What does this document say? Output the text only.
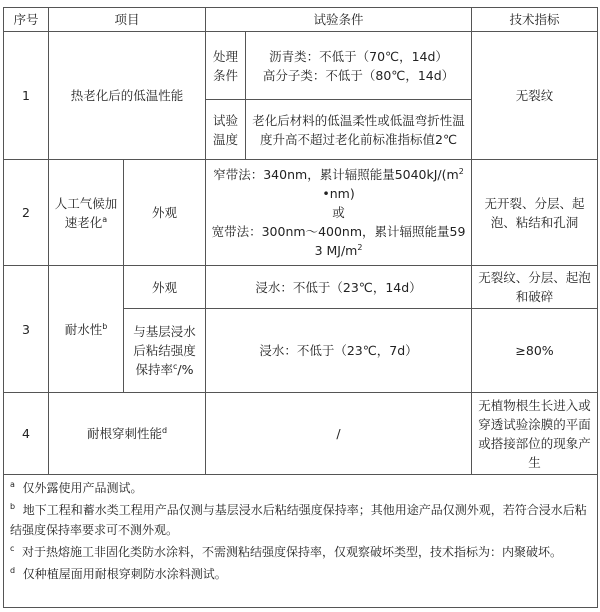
序号	项目		试验条件		技术指标
1	热老化后的低温性能		处理条件	沥青类：不低于（70℃，14d）
高分子类：不低于（80℃，14d）	无裂纹
			试验温度	老化后材料的低温柔性或低温弯折性温度升高不超过老化前标准指标值2℃	
2	人工气候加速老化$^a$	外观	窄带法：340nm，累计辐照能量$5040kJ/(m^2•nm)$
或
宽带法：300nm～400nm，累计辐照能量593 $MJ/m^2$		无开裂、分层、起泡、粘结和孔洞
3	耐水性$^b$	外观	浸水：不低于（23℃，14d）		无裂纹、分层、起泡和破碎
		与基层浸水后粘结强度保持率$^c$/%	浸水：不低于（23℃，7d）		≥80%
4	耐根穿刺性能$^d$		/		无植物根生长进入或穿透试验涂膜的平面或搭接部位的现象产生

$^a$ 仅外露使用产品测试。
$^b$ 地下工程和蓄水类工程用产品仅测与基层浸水后粘结强度保持率；其他用途产品仅测外观，若符合浸水后粘结强度保持率要求可不测外观。
$^c$ 对于热熔施工非固化类防水涂料，不需测粘结强度保持率，仅观察破坏类型，技术指标为：内聚破坏。
$^d$ 仅种植屋面用耐根穿刺防水涂料测试。					
